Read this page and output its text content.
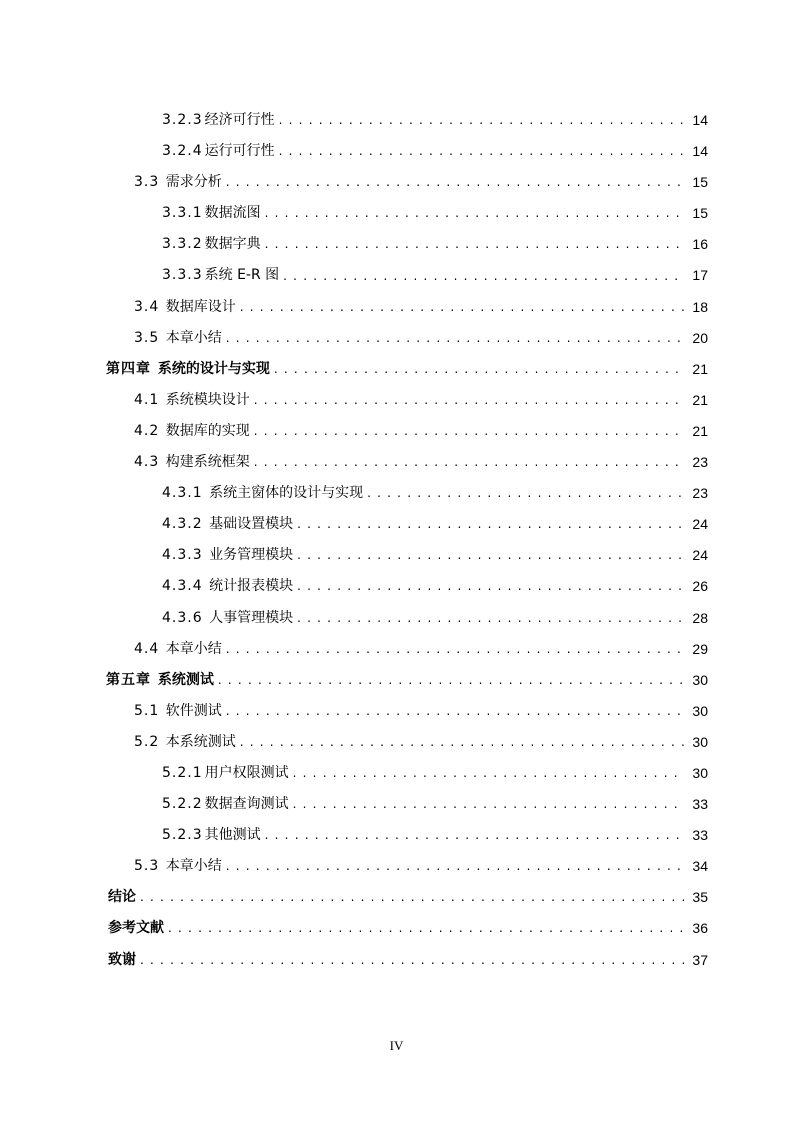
3.2.3 经济可行性 . . .	14
3.2.4 运行可行性 . . .	14
3.3 需求分析 . . .	15
3.3.1 数据流图 . . .	15
3.3.2 数据字典 . . .	16
3.3.3 系统 E-R 图 . . .	17
3.4 数据库设计 . . .	18
3.5 本章小结 . . .	20
第四章 系统的设计与实现 . . .	21
4.1 系统模块设计 . . .	21
4.2 数据库的实现 . . .	21
4.3 构建系统框架 . . .	23
4.3.1 系统主窗体的设计与实现 . . .	23
4.3.2 基础设置模块 . . .	24
4.3.3 业务管理模块 . . .	24
4.3.4 统计报表模块 . . .	26
4.3.6 人事管理模块 . . .	28
4.4 本章小结 . . .	29
第五章 系统测试 . . .	30
5.1 软件测试 . . .	30
5.2 本系统测试 . . .	30
5.2.1 用户权限测试 . . .	30
5.2.2 数据查询测试 . . .	33
5.2.3 其他测试 . . .	33
5.3 本章小结 . . .	34
结论 . . .	35
参考文献 . . .	36
致谢 . . .	37
IV
